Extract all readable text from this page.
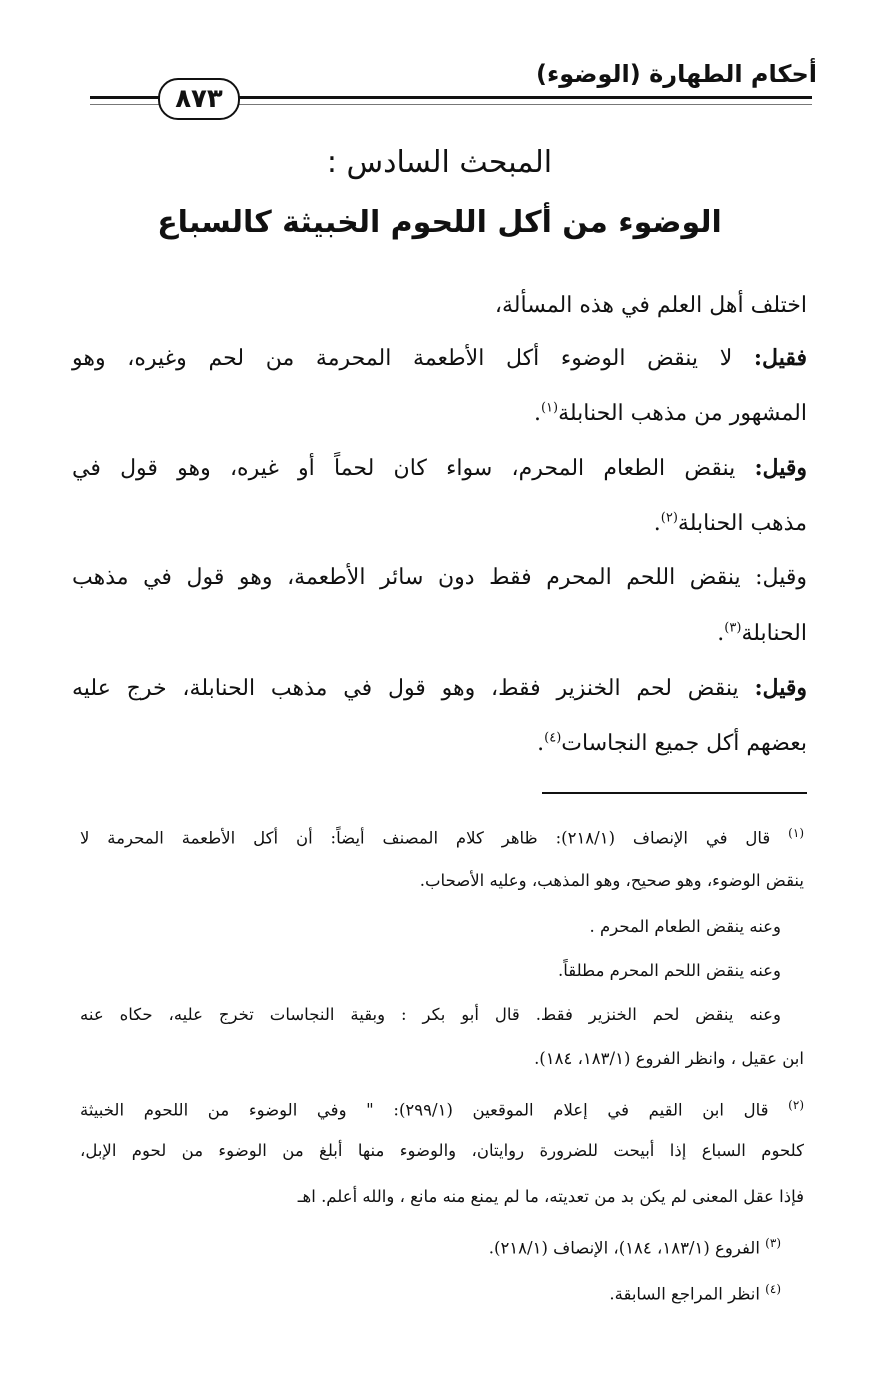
أحكام الطهارة (الوضوء)
٨٧٣
المبحث السادس :
الوضوء من أكل اللحوم الخبيثة كالسباع
اختلف أهل العلم في هذه المسألة،
فقيل: لا ينقض الوضوء أكل الأطعمة المحرمة من لحم وغيره، وهو
المشهور من مذهب الحنابلة$^{(١)}$.
وقيل: ينقض الطعام المحرم، سواء كان لحماً أو غيره، وهو قول في
مذهب الحنابلة$^{(٢)}$.
وقيل: ينقض اللحم المحرم فقط دون سائر الأطعمة، وهو قول في مذهب
الحنابلة$^{(٣)}$.
وقيل: ينقض لحم الخنزير فقط، وهو قول في مذهب الحنابلة، خرج عليه
بعضهم أكل جميع النجاسات$^{(٤)}$.
$^{(١)}$ قال في الإنصاف (٢١٨/١): ظاهر كلام المصنف أيضاً: أن أكل الأطعمة المحرمة لا
ينقض الوضوء، وهو صحيح، وهو المذهب، وعليه الأصحاب.
وعنه ينقض الطعام المحرم .
وعنه ينقض اللحم المحرم مطلقاً.
وعنه ينقض لحم الخنزير فقط. قال أبو بكر : وبقية النجاسات تخرج عليه، حكاه عنه
ابن عقيل ، وانظر الفروع (١٨٣/١، ١٨٤).
$^{(٢)}$ قال ابن القيم في إعلام الموقعين (٢٩٩/١): " وفي الوضوء من اللحوم الخبيثة
كلحوم السباع إذا أبيحت للضرورة روايتان، والوضوء منها أبلغ من الوضوء من لحوم الإبل،
فإذا عقل المعنى لم يكن بد من تعديته، ما لم يمنع منه مانع ، والله أعلم. اهـ
$^{(٣)}$ الفروع (١٨٣/١، ١٨٤)، الإنصاف (٢١٨/١).
$^{(٤)}$ انظر المراجع السابقة.
